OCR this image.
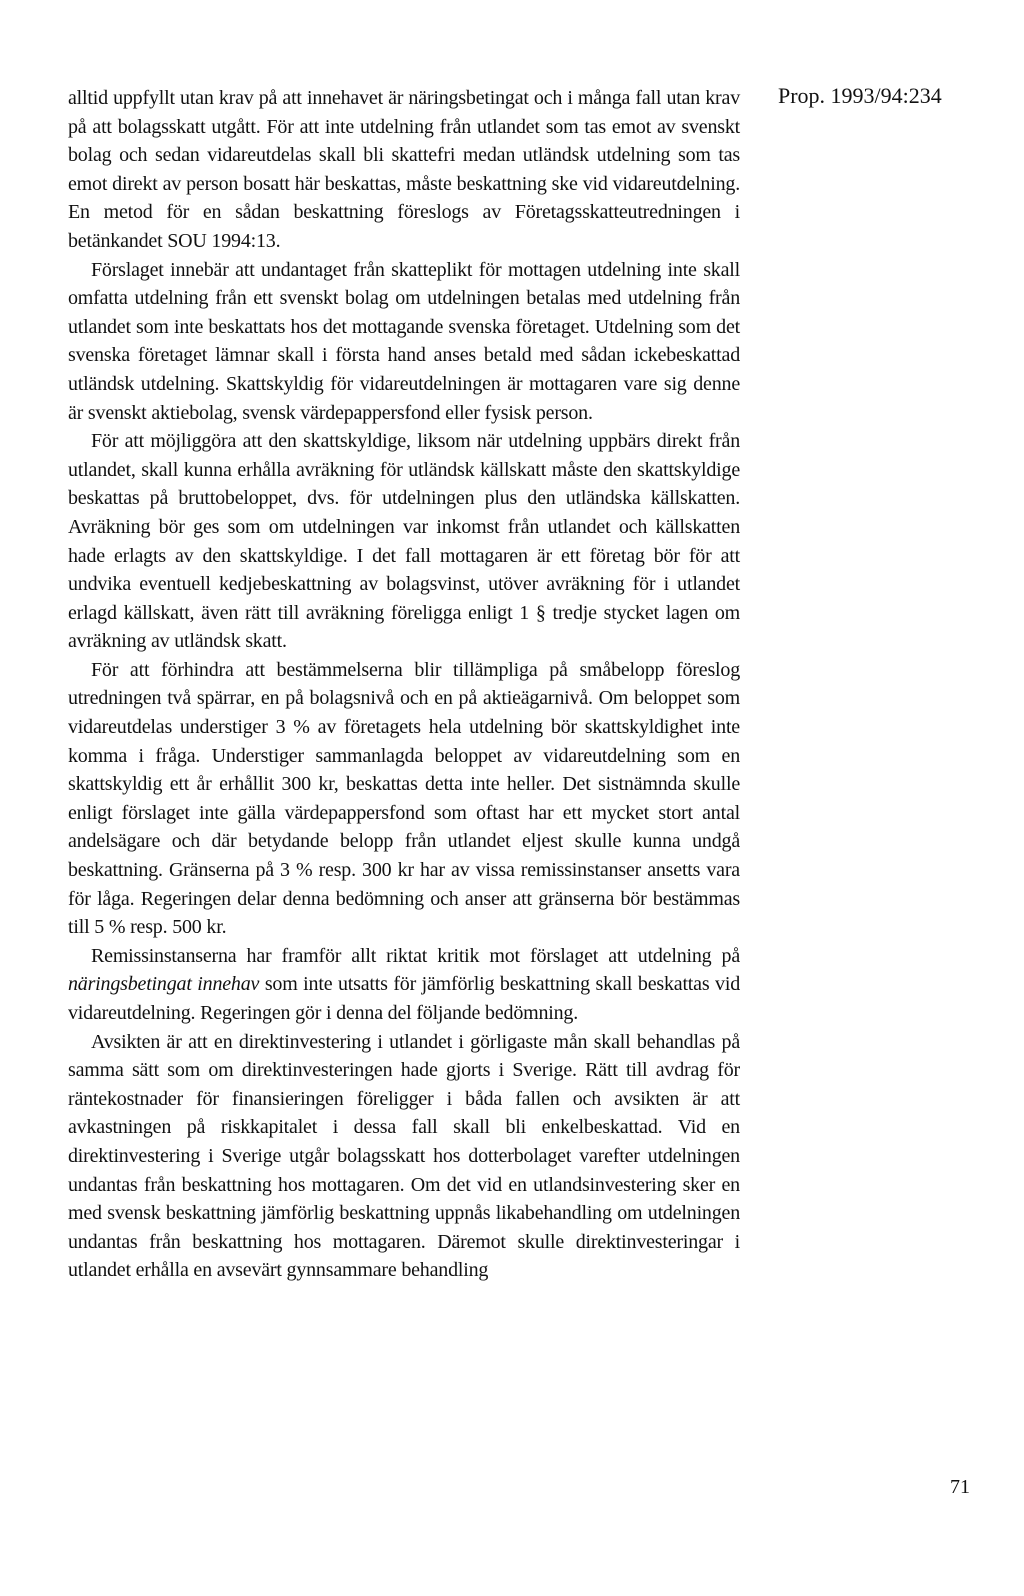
Prop. 1993/94:234

alltid uppfyllt utan krav på att innehavet är näringsbetingat och i många fall utan krav på att bolagsskatt utgått. För att inte utdelning från utlandet som tas emot av svenskt bolag och sedan vidareutdelas skall bli skattefri medan utländsk utdelning som tas emot direkt av person bosatt här beskattas, måste beskattning ske vid vidareutdelning. En metod för en sådan beskattning föreslogs av Företagsskatteutredningen i betänkandet SOU 1994:13.

Förslaget innebär att undantaget från skatteplikt för mottagen utdelning inte skall omfatta utdelning från ett svenskt bolag om utdelningen betalas med utdelning från utlandet som inte beskattats hos det mottagande svenska företaget. Utdelning som det svenska företaget lämnar skall i första hand anses betald med sådan ickebeskattad utländsk utdelning. Skattskyldig för vidareutdelningen är mottagaren vare sig denne är svenskt aktiebolag, svensk värdepappersfond eller fysisk person.

För att möjliggöra att den skattskyldige, liksom när utdelning uppbärs direkt från utlandet, skall kunna erhålla avräkning för utländsk källskatt måste den skattskyldige beskattas på bruttobeloppet, dvs. för utdelningen plus den utländska källskatten. Avräkning bör ges som om utdelningen var inkomst från utlandet och källskatten hade erlagts av den skattskyldige. I det fall mottagaren är ett företag bör för att undvika eventuell kedjebeskattning av bolagsvinst, utöver avräkning för i utlandet erlagd källskatt, även rätt till avräkning föreligga enligt 1 § tredje stycket lagen om avräkning av utländsk skatt.

För att förhindra att bestämmelserna blir tillämpliga på småbelopp föreslog utredningen två spärrar, en på bolagsnivå och en på aktieägarnivå. Om beloppet som vidareutdelas understiger 3 % av företagets hela utdelning bör skattskyldighet inte komma i fråga. Understiger sammanlagda beloppet av vidareutdelning som en skattskyldig ett år erhållit 300 kr, beskattas detta inte heller. Det sistnämnda skulle enligt förslaget inte gälla värdepappersfond som oftast har ett mycket stort antal andelsägare och där betydande belopp från utlandet eljest skulle kunna undgå beskattning. Gränserna på 3 % resp. 300 kr har av vissa remissinstanser ansetts vara för låga. Regeringen delar denna bedömning och anser att gränserna bör bestämmas till 5 % resp. 500 kr.

Remissinstanserna har framför allt riktat kritik mot förslaget att utdelning på näringsbetingat innehav som inte utsatts för jämförlig beskattning skall beskattas vid vidareutdelning. Regeringen gör i denna del följande bedömning.

Avsikten är att en direktinvestering i utlandet i görligaste mån skall behandlas på samma sätt som om direktinvesteringen hade gjorts i Sverige. Rätt till avdrag för räntekostnader för finansieringen föreligger i båda fallen och avsikten är att avkastningen på riskkapitalet i dessa fall skall bli enkelbeskattad. Vid en direktinvestering i Sverige utgår bolagsskatt hos dotterbolaget varefter utdelningen undantas från beskattning hos mottagaren. Om det vid en utlandsinvestering sker en med svensk beskattning jämförlig beskattning uppnås likabehandling om utdelningen undantas från beskattning hos mottagaren. Däremot skulle direktinvesteringar i utlandet erhålla en avsevärt gynnsammare behandling

71
